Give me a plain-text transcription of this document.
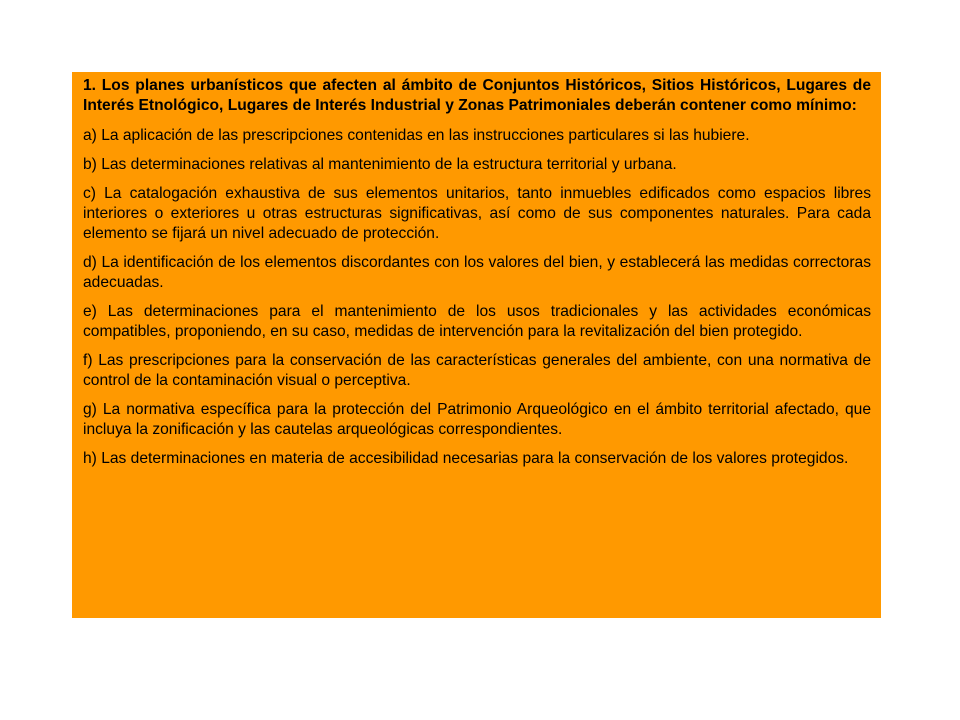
1. Los planes urbanísticos que afecten al ámbito de Conjuntos Históricos, Sitios Históricos, Lugares de Interés Etnológico, Lugares de Interés Industrial y Zonas Patrimoniales deberán contener como mínimo:

a) La aplicación de las prescripciones contenidas en las instrucciones particulares si las hubiere.

b) Las determinaciones relativas al mantenimiento de la estructura territorial y urbana.

c) La catalogación exhaustiva de sus elementos unitarios, tanto inmuebles edificados como espacios libres interiores o exteriores u otras estructuras significativas, así como de sus componentes naturales. Para cada elemento se fijará un nivel adecuado de protección.

d) La identificación de los elementos discordantes con los valores del bien, y establecerá las medidas correctoras adecuadas.

e) Las determinaciones para el mantenimiento de los usos tradicionales y las actividades económicas compatibles, proponiendo, en su caso, medidas de intervención para la revitalización del bien protegido.

f) Las prescripciones para la conservación de las características generales del ambiente, con una normativa de control de la contaminación visual o perceptiva.

g) La normativa específica para la protección del Patrimonio Arqueológico en el ámbito territorial afectado, que incluya la zonificación y las cautelas arqueológicas correspondientes.

h) Las determinaciones en materia de accesibilidad necesarias para la conservación de los valores protegidos.
